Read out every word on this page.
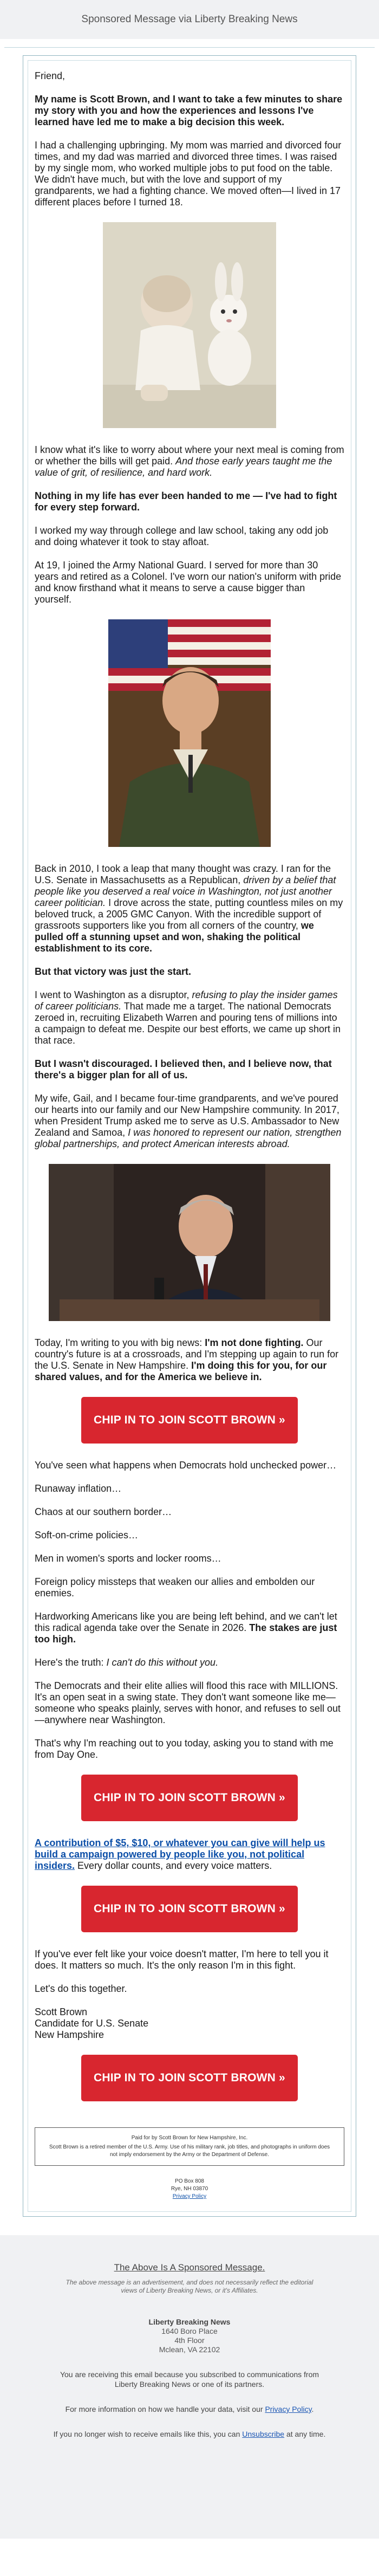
Sponsored Message via Liberty Breaking News

Friend,

My name is Scott Brown, and I want to take a few minutes to share my story with you and how the experiences and lessons I've learned have led me to make a big decision this week.

I had a challenging upbringing. My mom was married and divorced four times, and my dad was married and divorced three times. I was raised by my single mom, who worked multiple jobs to put food on the table. We didn't have much, but with the love and support of my grandparents, we had a fighting chance. We moved often—I lived in 17 different places before I turned 18.

I know what it's like to worry about where your next meal is coming from or whether the bills will get paid. And those early years taught me the value of grit, of resilience, and hard work.

Nothing in my life has ever been handed to me — I've had to fight for every step forward.

I worked my way through college and law school, taking any odd job and doing whatever it took to stay afloat.

At 19, I joined the Army National Guard. I served for more than 30 years and retired as a Colonel. I've worn our nation's uniform with pride and know firsthand what it means to serve a cause bigger than yourself.

Back in 2010, I took a leap that many thought was crazy. I ran for the U.S. Senate in Massachusetts as a Republican, driven by a belief that people like you deserved a real voice in Washington, not just another career politician. I drove across the state, putting countless miles on my beloved truck, a 2005 GMC Canyon. With the incredible support of grassroots supporters like you from all corners of the country, we pulled off a stunning upset and won, shaking the political establishment to its core.

But that victory was just the start.

I went to Washington as a disruptor, refusing to play the insider games of career politicians. That made me a target. The national Democrats zeroed in, recruiting Elizabeth Warren and pouring tens of millions into a campaign to defeat me. Despite our best efforts, we came up short in that race.

But I wasn't discouraged. I believed then, and I believe now, that there's a bigger plan for all of us.

My wife, Gail, and I became four-time grandparents, and we've poured our hearts into our family and our New Hampshire community. In 2017, when President Trump asked me to serve as U.S. Ambassador to New Zealand and Samoa, I was honored to represent our nation, strengthen global partnerships, and protect American interests abroad.

Today, I'm writing to you with big news: I'm not done fighting. Our country's future is at a crossroads, and I'm stepping up again to run for the U.S. Senate in New Hampshire. I'm doing this for you, for our shared values, and for the America we believe in.

CHIP IN TO JOIN SCOTT BROWN »

You've seen what happens when Democrats hold unchecked power…

Runaway inflation…

Chaos at our southern border…

Soft-on-crime policies…

Men in women's sports and locker rooms…

Foreign policy missteps that weaken our allies and embolden our enemies.

Hardworking Americans like you are being left behind, and we can't let this radical agenda take over the Senate in 2026. The stakes are just too high.

Here's the truth: I can't do this without you.

The Democrats and their elite allies will flood this race with MILLIONS. It's an open seat in a swing state. They don't want someone like me—someone who speaks plainly, serves with honor, and refuses to sell out—anywhere near Washington.

That's why I'm reaching out to you today, asking you to stand with me from Day One.

CHIP IN TO JOIN SCOTT BROWN »

A contribution of $5, $10, or whatever you can give will help us build a campaign powered by people like you, not political insiders. Every dollar counts, and every voice matters.

CHIP IN TO JOIN SCOTT BROWN »

If you've ever felt like your voice doesn't matter, I'm here to tell you it does. It matters so much. It's the only reason I'm in this fight.

Let's do this together.

Scott Brown
Candidate for U.S. Senate
New Hampshire

CHIP IN TO JOIN SCOTT BROWN »
Paid for by Scott Brown for New Hampshire, Inc.
Scott Brown is a retired member of the U.S. Army. Use of his military rank, job titles, and photographs in uniform does not imply endorsement by the Army or the Department of Defense.
PO Box 808
Rye, NH 03870
Privacy Policy
The Above Is A Sponsored Message.
The above message is an advertisement, and does not necessarily reflect the editorial views of Liberty Breaking News, or it's Affiliates.
Liberty Breaking News
1640 Boro Place
4th Floor
Mclean, VA 22102
You are receiving this email because you subscribed to communications from Liberty Breaking News or one of its partners.
For more information on how we handle your data, visit our Privacy Policy.
If you no longer wish to receive emails like this, you can Unsubscribe at any time.
